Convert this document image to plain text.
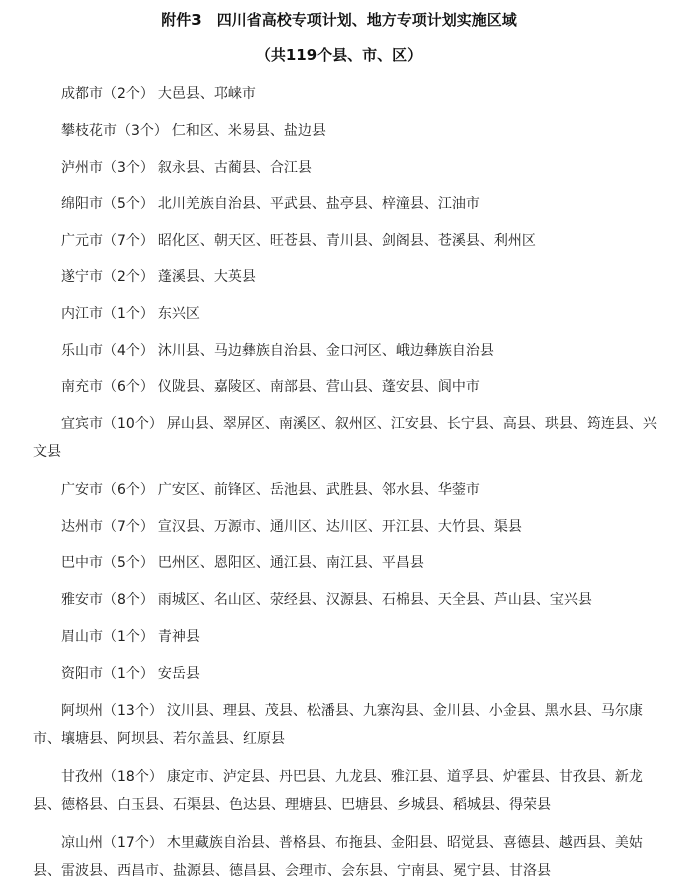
附件3　四川省高校专项计划、地方专项计划实施区域
（共119个县、市、区）
成都市（2个） 大邑县、邛崃市
攀枝花市（3个） 仁和区、米易县、盐边县
泸州市（3个） 叙永县、古蔺县、合江县
绵阳市（5个） 北川羌族自治县、平武县、盐亭县、梓潼县、江油市
广元市（7个） 昭化区、朝天区、旺苍县、青川县、剑阁县、苍溪县、利州区
遂宁市（2个） 蓬溪县、大英县
内江市（1个） 东兴区
乐山市（4个） 沐川县、马边彝族自治县、金口河区、峨边彝族自治县
南充市（6个） 仪陇县、嘉陵区、南部县、营山县、蓬安县、阆中市
宜宾市（10个） 屏山县、翠屏区、南溪区、叙州区、江安县、长宁县、高县、珙县、筠连县、兴文县
广安市（6个） 广安区、前锋区、岳池县、武胜县、邻水县、华蓥市
达州市（7个） 宣汉县、万源市、通川区、达川区、开江县、大竹县、渠县
巴中市（5个） 巴州区、恩阳区、通江县、南江县、平昌县
雅安市（8个） 雨城区、名山区、荥经县、汉源县、石棉县、天全县、芦山县、宝兴县
眉山市（1个） 青神县
资阳市（1个） 安岳县
阿坝州（13个） 汶川县、理县、茂县、松潘县、九寨沟县、金川县、小金县、黑水县、马尔康市、壤塘县、阿坝县、若尔盖县、红原县
甘孜州（18个） 康定市、泸定县、丹巴县、九龙县、雅江县、道孚县、炉霍县、甘孜县、新龙县、德格县、白玉县、石渠县、色达县、理塘县、巴塘县、乡城县、稻城县、得荣县
凉山州（17个） 木里藏族自治县、普格县、布拖县、金阳县、昭觉县、喜德县、越西县、美姑县、雷波县、西昌市、盐源县、德昌县、会理市、会东县、宁南县、冕宁县、甘洛县
